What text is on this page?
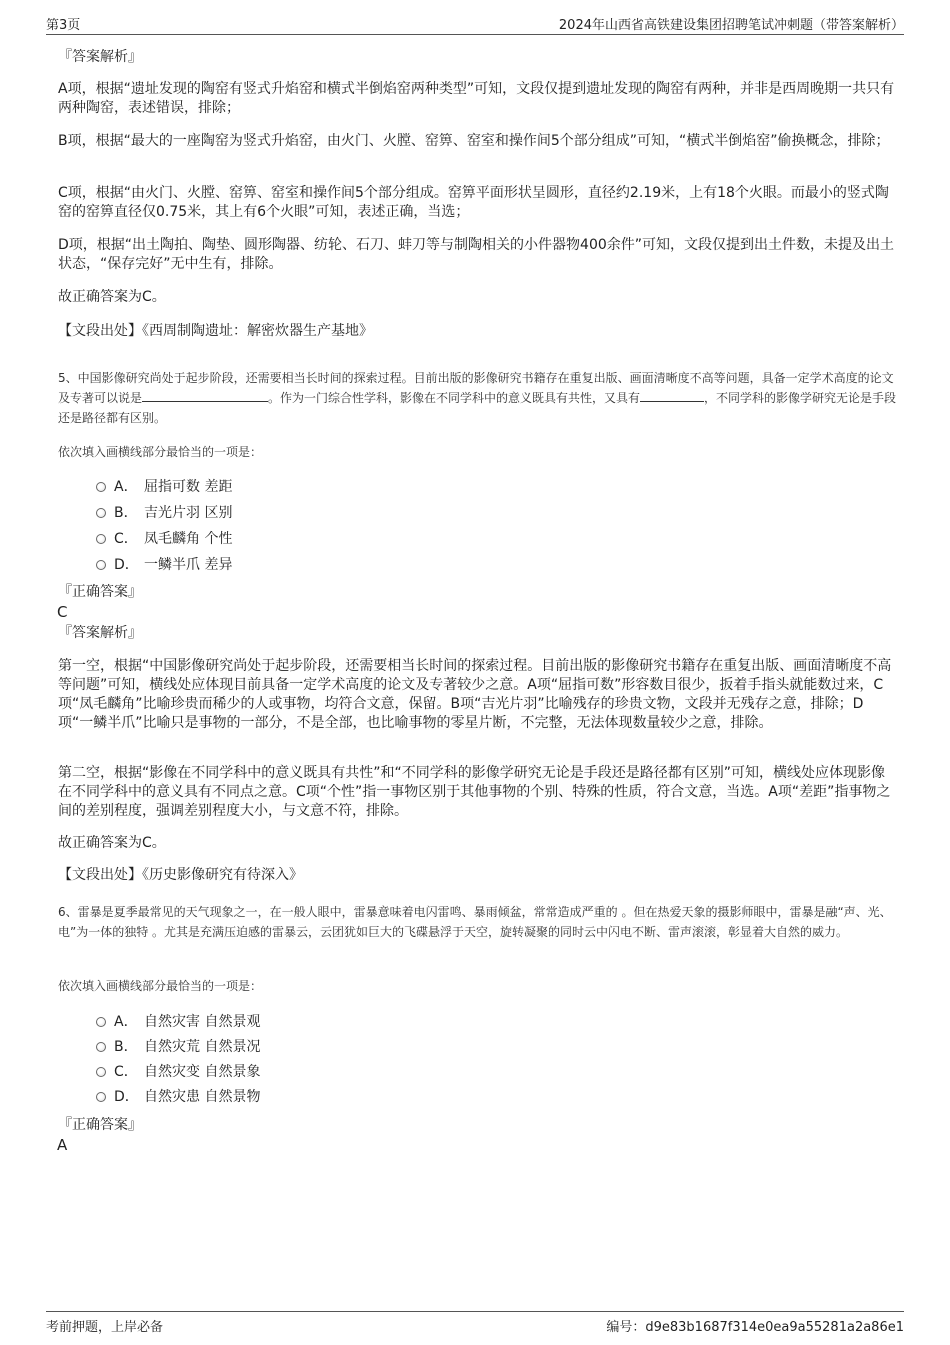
第3页	2024年山西省高铁建设集团招聘笔试冲刺题（带答案解析）
『答案解析』

A项，根据“遗址发现的陶窑有竖式升焰窑和横式半倒焰窑两种类型”可知，文段仅提到遗址发现的陶窑有两种，并非是西周晚期一共只有两种陶窑，表述错误，排除；

B项，根据“最大的一座陶窑为竖式升焰窑，由火门、火膛、窑箅、窑室和操作间5个部分组成”可知，“横式半倒焰窑”偷换概念，排除；

C项，根据“由火门、火膛、窑箅、窑室和操作间5个部分组成。窑箅平面形状呈圆形，直径约2.19米，上有18个火眼。而最小的竖式陶窑的窑箅直径仅0.75米，其上有6个火眼”可知，表述正确，当选；

D项，根据“出土陶拍、陶垫、圆形陶器、纺轮、石刀、蚌刀等与制陶相关的小件器物400余件”可知，文段仅提到出土件数，未提及出土状态，“保存完好”无中生有，排除。

故正确答案为C。

【文段出处】《西周制陶遗址：解密炊器生产基地》

5、中国影像研究尚处于起步阶段，还需要相当长时间的探索过程。目前出版的影像研究书籍存在重复出版、画面清晰度不高等问题，具备一定学术高度的论文及专著可以说是	。作为一门综合性学科，影像在不同学科中的意义既具有共性，又具有	，不同学科的影像学研究无论是手段还是路径都有区别。

依次填入画横线部分最恰当的一项是：
A． 屈指可数 差距
B． 吉光片羽 区别
C． 凤毛麟角 个性
D． 一鳞半爪 差异
『正确答案』
C
『答案解析』

第一空，根据“中国影像研究尚处于起步阶段，还需要相当长时间的探索过程。目前出版的影像研究书籍存在重复出版、画面清晰度不高等问题”可知，横线处应体现目前具备一定学术高度的论文及专著较少之意。A项“屈指可数”形容数目很少，扳着手指头就能数过来，C项“凤毛麟角”比喻珍贵而稀少的人或事物，均符合文意，保留。B项“吉光片羽”比喻残存的珍贵文物，文段并无残存之意，排除；D项“一鳞半爪”比喻只是事物的一部分，不是全部，也比喻事物的零星片断，不完整，无法体现数量较少之意，排除。

第二空，根据“影像在不同学科中的意义既具有共性”和“不同学科的影像学研究无论是手段还是路径都有区别”可知，横线处应体现影像在不同学科中的意义具有不同点之意。C项“个性”指一事物区别于其他事物的个别、特殊的性质，符合文意，当选。A项“差距”指事物之间的差别程度，强调差别程度大小，与文意不符，排除。

故正确答案为C。

【文段出处】《历史影像研究有待深入》

6、雷暴是夏季最常见的天气现象之一，在一般人眼中，雷暴意味着电闪雷鸣、暴雨倾盆，常常造成严重的 。但在热爱天象的摄影师眼中，雷暴是融“声、光、电”为一体的独特 。尤其是充满压迫感的雷暴云，云团犹如巨大的飞碟悬浮于天空，旋转凝聚的同时云中闪电不断、雷声滚滚，彰显着大自然的威力。

依次填入画横线部分最恰当的一项是：
A． 自然灾害 自然景观
B． 自然灾荒 自然景况
C． 自然灾变 自然景象
D． 自然灾患 自然景物
『正确答案』
A
考前押题，上岸必备	编号：d9e83b1687f314e0ea9a55281a2a86e1
